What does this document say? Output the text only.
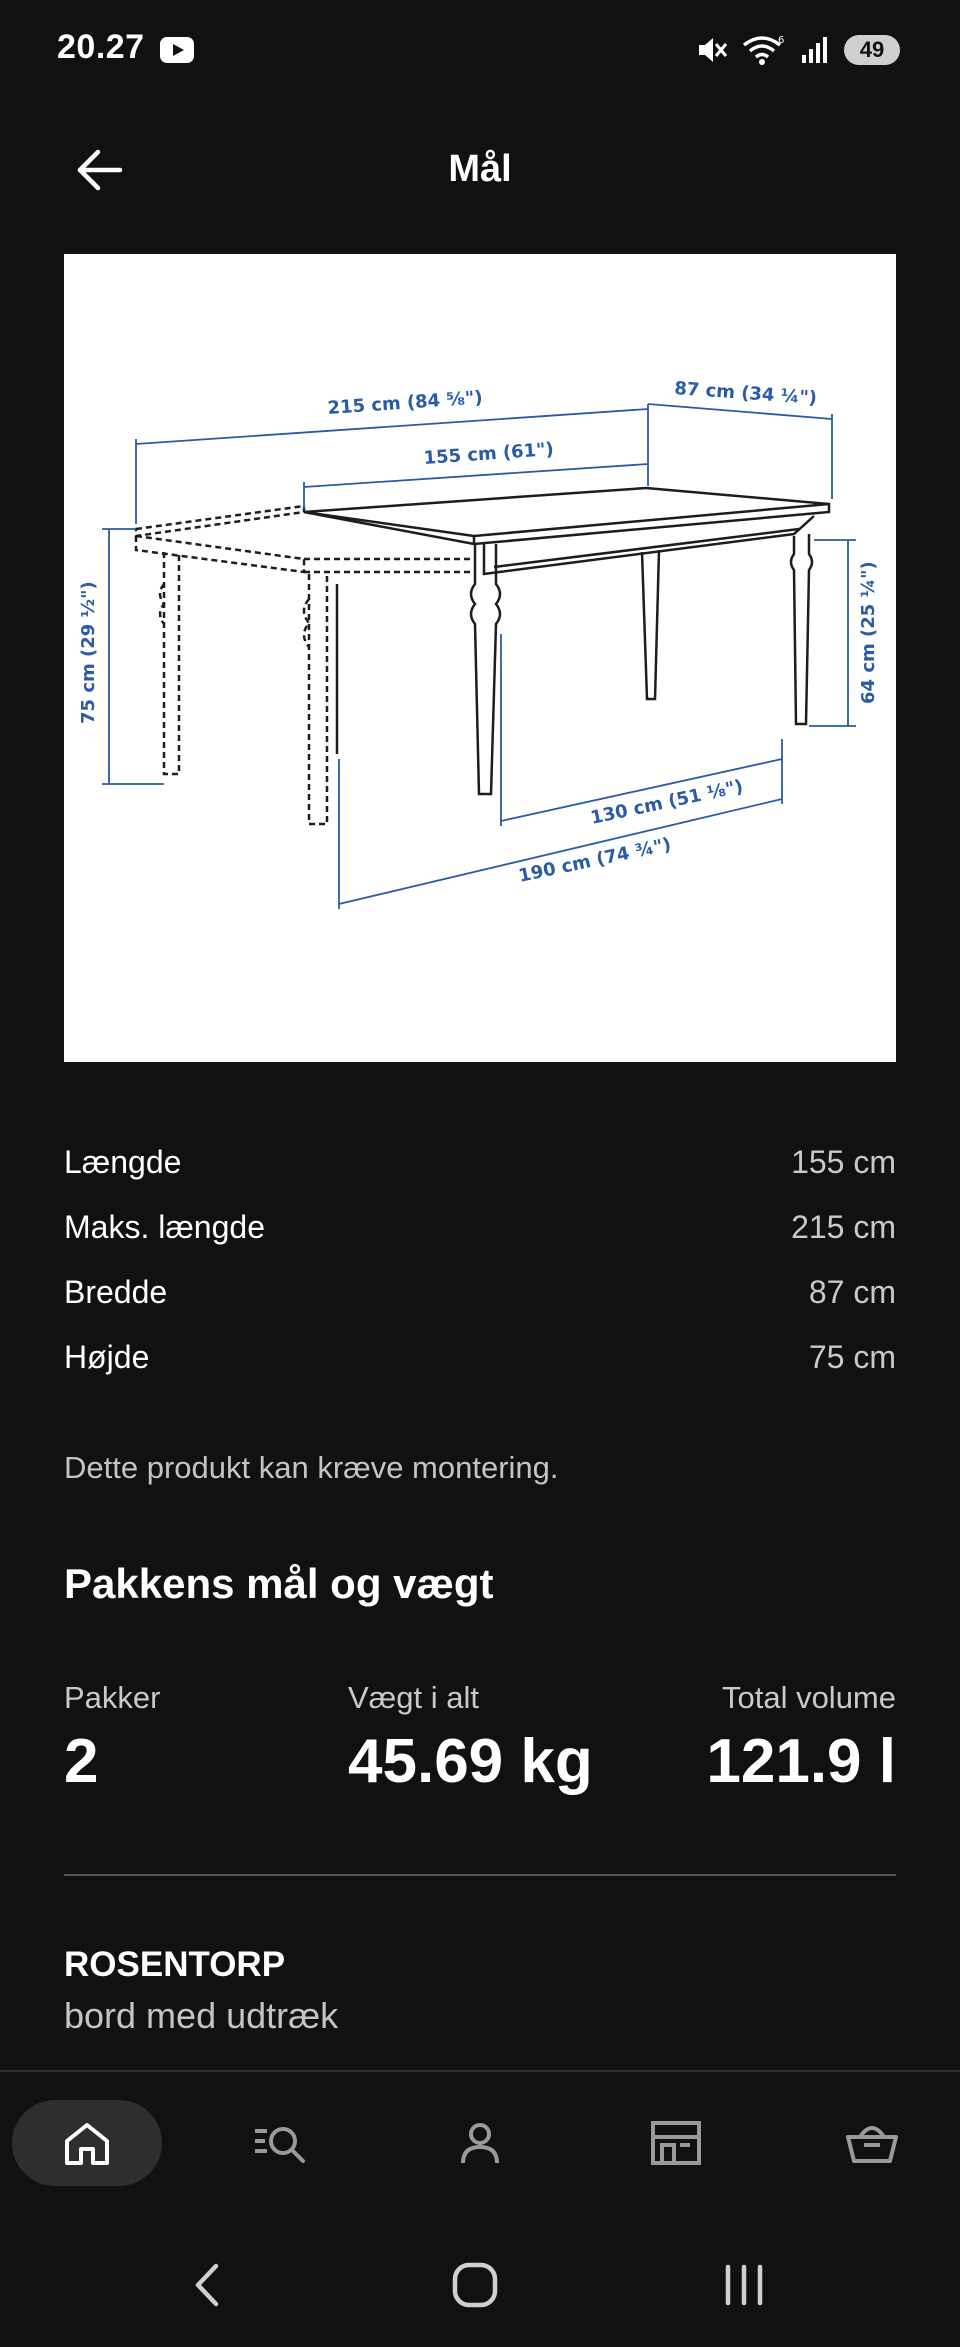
20.27	6	49
Mål
215 cm (84 ⅝")
155 cm (61")
87 cm (34 ¼")
75 cm (29 ½")	64 cm (25 ¼")
130 cm (51 ⅛")
190 cm (74 ¾")
Længde	155 cm
Maks. længde	215 cm
Bredde	87 cm
Højde	75 cm
Dette produkt kan kræve montering.
Pakkens mål og vægt
Pakker
2
Vægt i alt
45.69 kg
Total volume
121.9 l
ROSENTORP
bord med udtræk
